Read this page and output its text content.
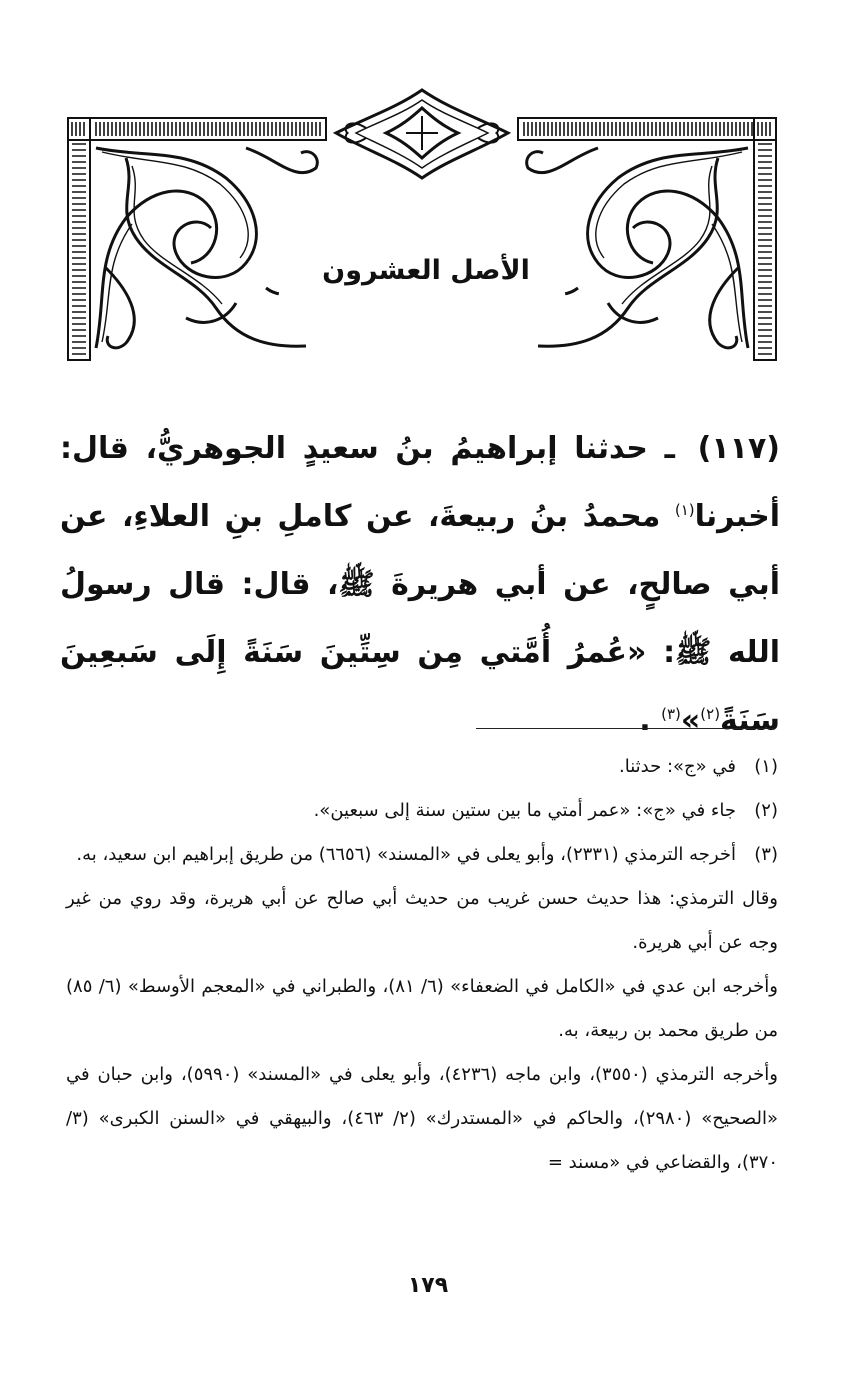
الأصل العشرون
(١١٧) ـ حدثنا إبراهيمُ بنُ سعيدٍ الجوهريُّ، قال: أخبرنا$^{(١)}$ محمدُ بنُ ربيعةَ، عن كاملِ بنِ العلاءِ، عن أبي صالحٍ، عن أبي هريرةَ ﷺ، قال: قال رسولُ الله ﷺ: «عُمرُ أُمَّتي مِن سِتِّينَ سَنَةً إِلَى سَبعِينَ سَنَةً$^{(٢)}$»$^{(٣)}$ .
(١)
في «ج»: حدثنا.
(٢)
جاء في «ج»: «عمر أمتي ما بين ستين سنة إلى سبعين».
(٣)
أخرجه الترمذي (٢٣٣١)، وأبو يعلى في «المسند» (٦٦٥٦) من طريق إبراهيم ابن سعيد، به.
وقال الترمذي: هذا حديث حسن غريب من حديث أبي صالح عن أبي هريرة، وقد روي من غير وجه عن أبي هريرة.
وأخرجه ابن عدي في «الكامل في الضعفاء» (٦/ ٨١)، والطبراني في «المعجم الأوسط» (٦/ ٨٥) من طريق محمد بن ربيعة، به.
وأخرجه الترمذي (٣٥٥٠)، وابن ماجه (٤٢٣٦)، وأبو يعلى في «المسند» (٥٩٩٠)، وابن حبان في «الصحيح» (٢٩٨٠)، والحاكم في «المستدرك» (٢/ ٤٦٣)، والبيهقي في «السنن الكبرى» (٣/ ٣٧٠)، والقضاعي في «مسند =
١٧٩
